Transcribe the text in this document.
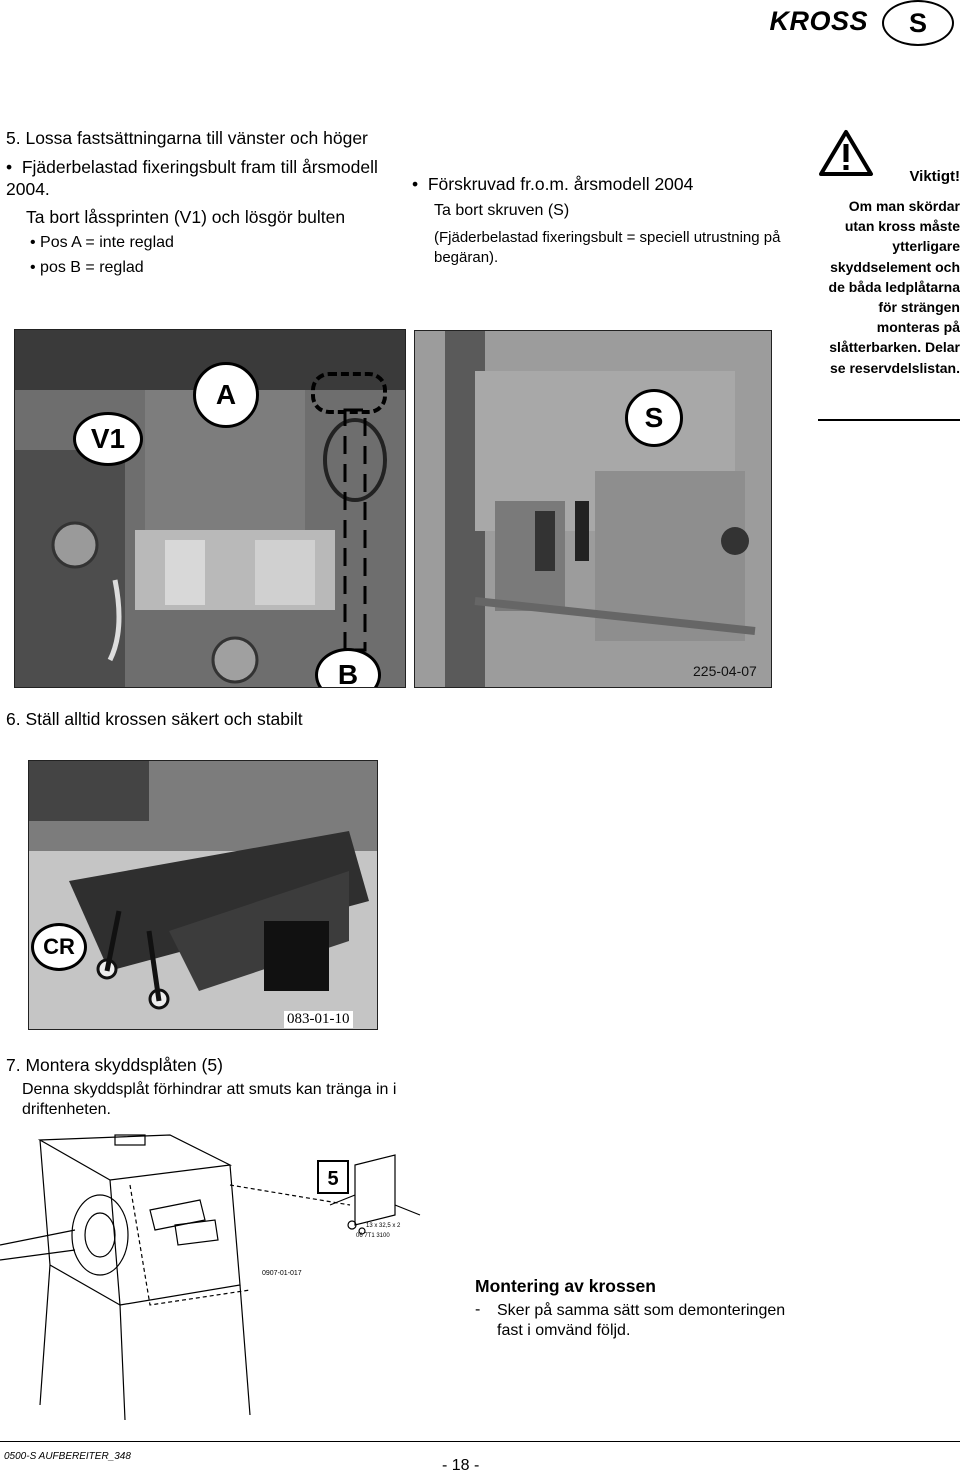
KROSS	S
5. Lossa fastsättningarna till vänster och höger
•  Fjäderbelastad fixeringsbult fram till årsmodell 2004.
Ta bort låssprinten (V1) och lösgör bulten
• Pos A = inte reglad
• pos B = reglad
•  Förskruvad fr.o.m. årsmodell 2004
Ta bort skruven (S)
(Fjäderbelastad fixeringsbult = speciell utrustning på begäran).
Viktigt!
Om man skördar utan kross måste ytterligare skyddselement och de båda ledplåtarna för strängen monteras på slåtterbarken. Delar se reservdelslistan.
V1
A
B
S
225-04-07
6. Ställ alltid krossen säkert och stabilt
CR
083-01-10
7. Montera skyddsplåten (5)
Denna skyddsplåt förhindrar att smuts kan tränga in i driftenheten.
5
0907-01-017
13 x 32,5 x 2
06 7T1 3100
Montering av krossen
- Sker på samma sätt som demonteringen fast i omvänd följd.
0500-S AUFBEREITER_348
- 18 -
